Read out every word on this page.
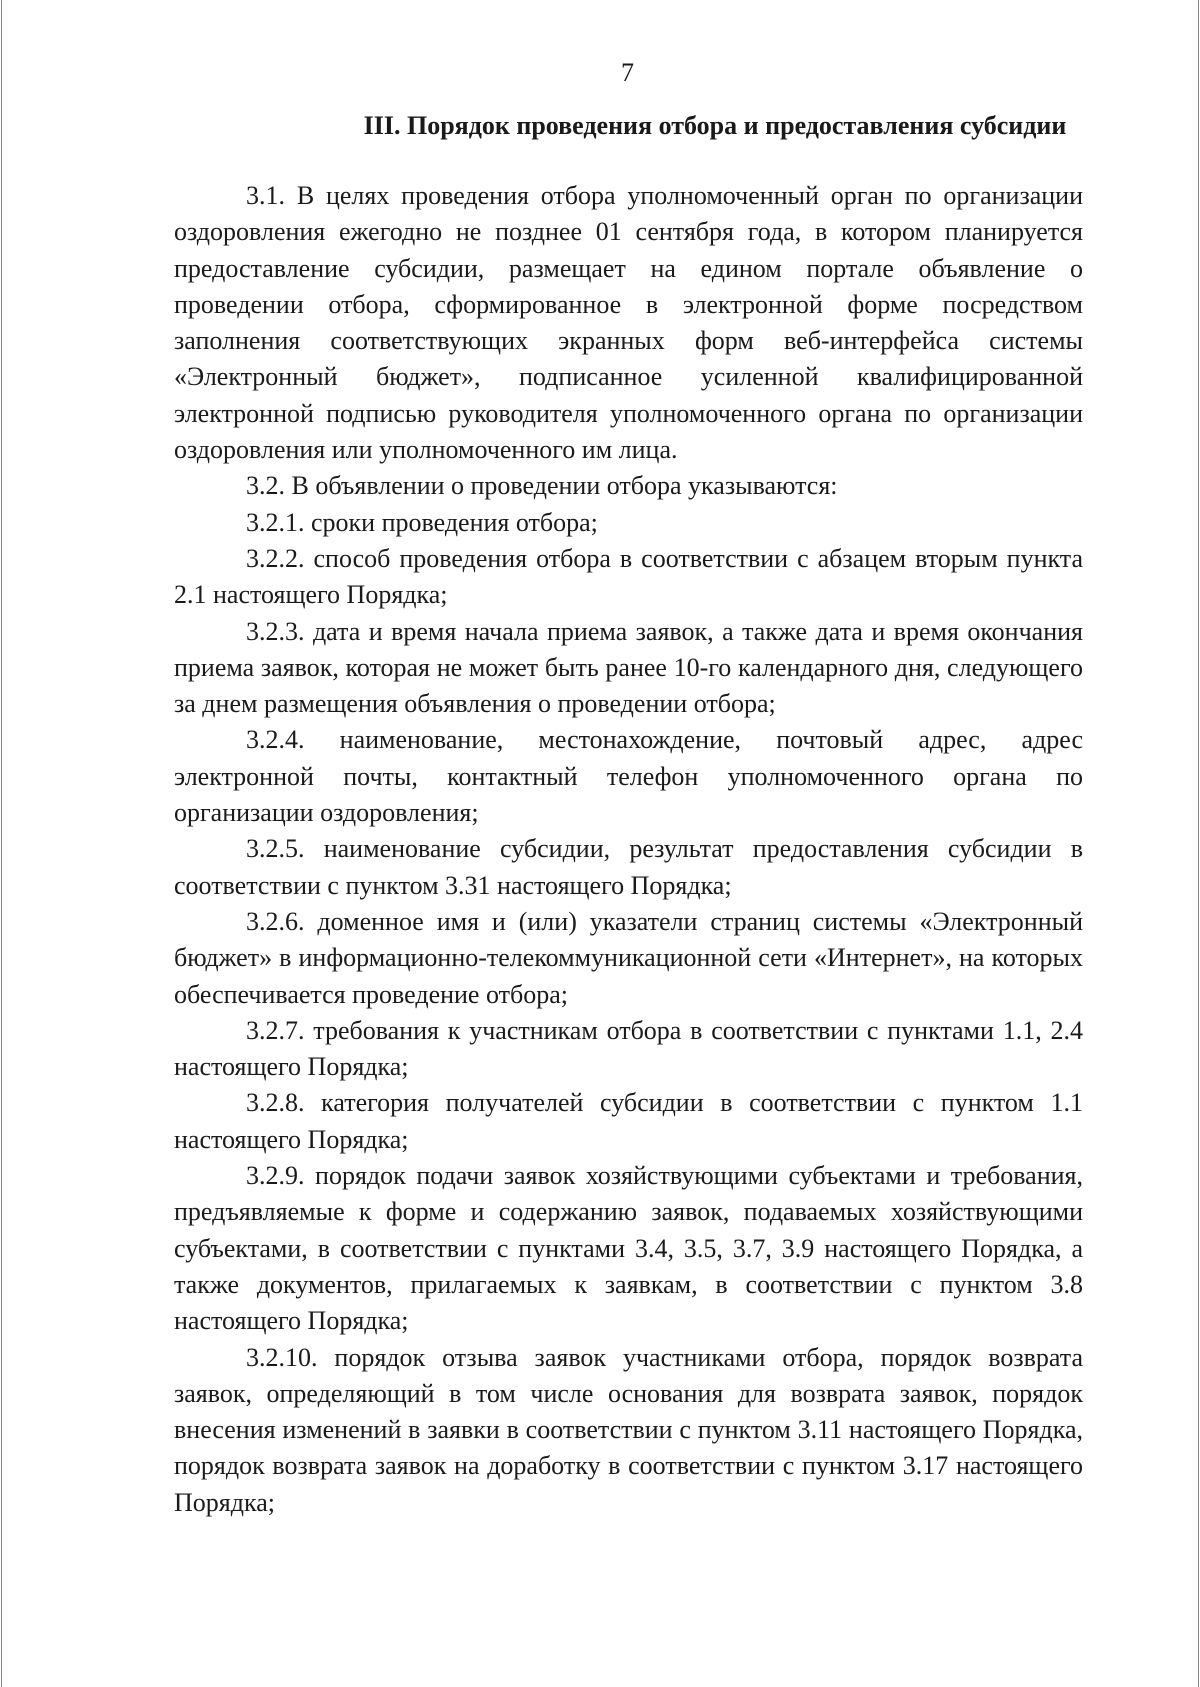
7
III. Порядок проведения отбора и предоставления субсидии

3.1. В целях проведения отбора уполномоченный орган по организации оздоровления ежегодно не позднее 01 сентября года, в котором планируется предоставление субсидии, размещает на едином портале объявление о проведении отбора, сформированное в электронной форме посредством заполнения соответствующих экранных форм веб-интерфейса системы «Электронный бюджет», подписанное усиленной квалифицированной электронной подписью руководителя уполномоченного органа по организации оздоровления или уполномоченного им лица.

3.2. В объявлении о проведении отбора указываются:

3.2.1. сроки проведения отбора;

3.2.2. способ проведения отбора в соответствии с абзацем вторым пункта 2.1 настоящего Порядка;

3.2.3. дата и время начала приема заявок, а также дата и время окончания приема заявок, которая не может быть ранее 10-го календарного дня, следующего за днем размещения объявления о проведении отбора;

3.2.4. наименование, местонахождение, почтовый адрес, адрес электронной почты, контактный телефон уполномоченного органа по организации оздоровления;

3.2.5. наименование субсидии, результат предоставления субсидии в соответствии с пунктом 3.31 настоящего Порядка;

3.2.6. доменное имя и (или) указатели страниц системы «Электронный бюджет» в информационно-телекоммуникационной сети «Интернет», на которых обеспечивается проведение отбора;

3.2.7. требования к участникам отбора в соответствии с пунктами 1.1, 2.4 настоящего Порядка;

3.2.8. категория получателей субсидии в соответствии с пунктом 1.1 настоящего Порядка;

3.2.9. порядок подачи заявок хозяйствующими субъектами и требования, предъявляемые к форме и содержанию заявок, подаваемых хозяйствующими субъектами, в соответствии с пунктами 3.4, 3.5, 3.7, 3.9 настоящего Порядка, а также документов, прилагаемых к заявкам, в соответствии с пунктом 3.8 настоящего Порядка;

3.2.10. порядок отзыва заявок участниками отбора, порядок возврата заявок, определяющий в том числе основания для возврата заявок, порядок внесения изменений в заявки в соответствии с пунктом 3.11 настоящего Порядка, порядок возврата заявок на доработку в соответствии с пунктом 3.17 настоящего Порядка;
